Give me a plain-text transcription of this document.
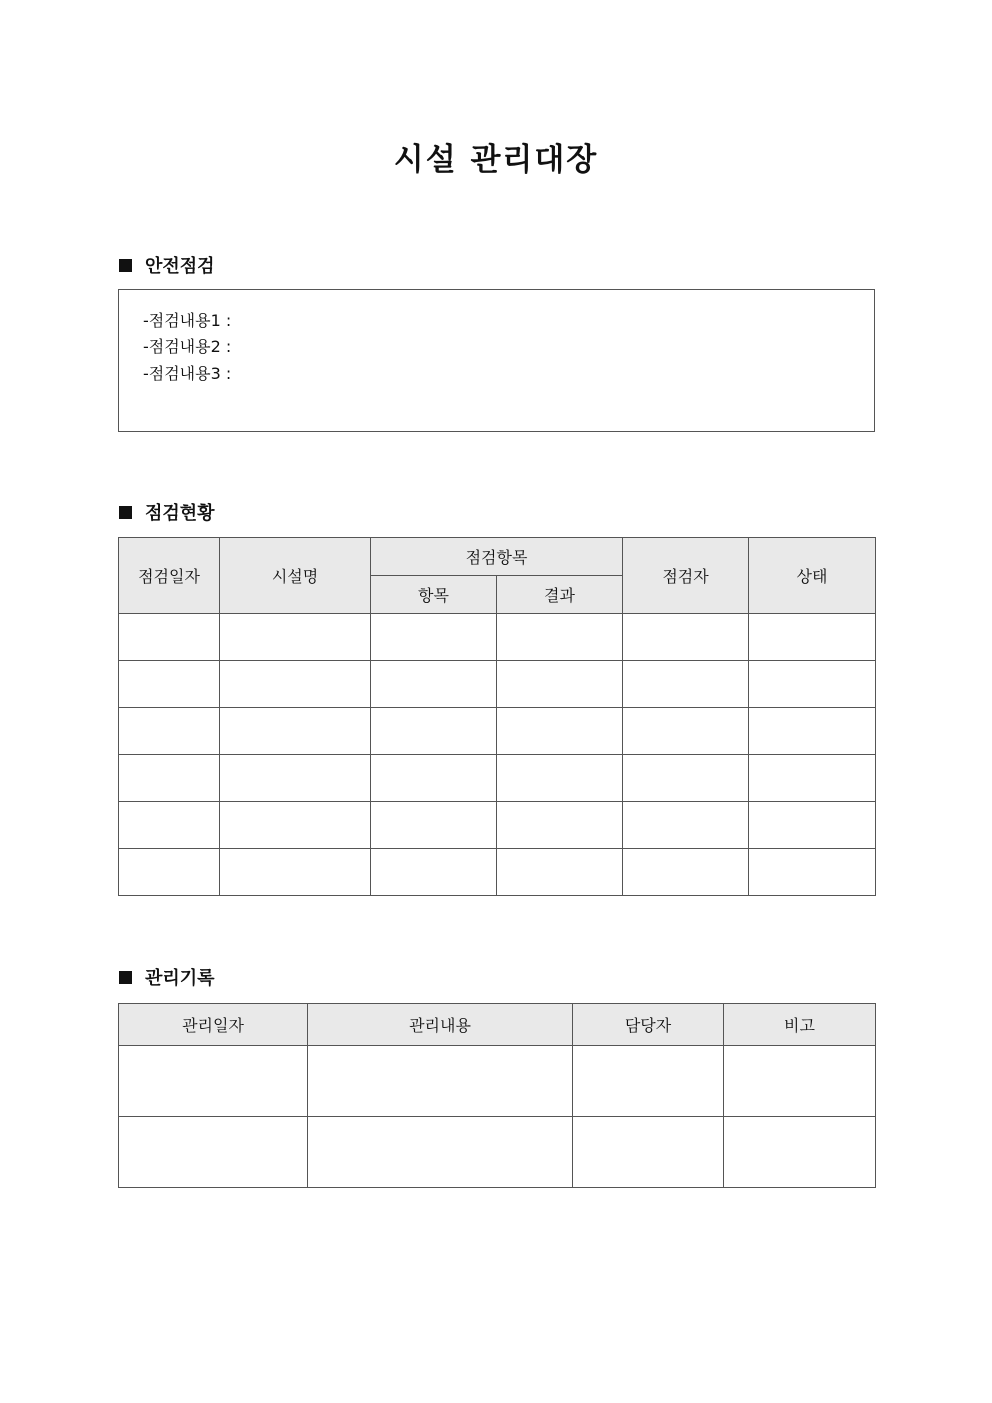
시설 관리대장
안전점검
-점검내용1 :
-점검내용2 :
-점검내용3 :
점검현황
점검일자	시설명	점검항목		점검자	상태
		항목	결과		

관리기록
관리일자	관리내용	담당자	비고
